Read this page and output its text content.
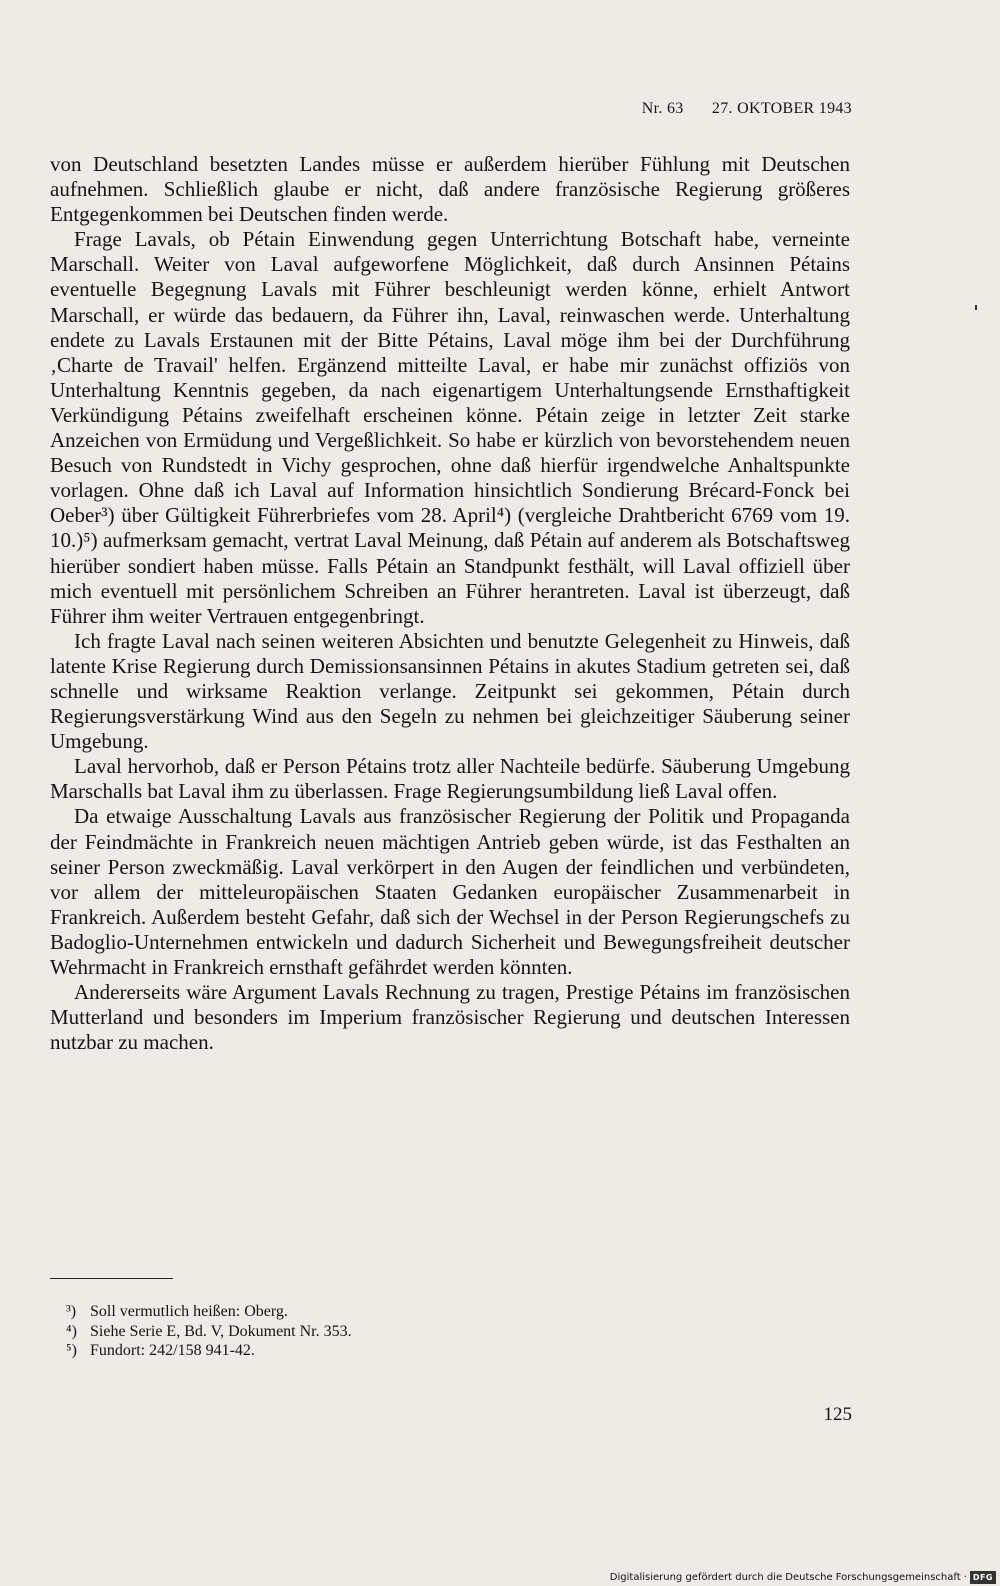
Nr. 63 27. OKTOBER 1943

von Deutschland besetzten Landes müsse er außerdem hierüber Fühlung mit Deutschen aufnehmen. Schließlich glaube er nicht, daß andere französische Regierung größeres Entgegenkommen bei Deutschen finden werde.

Frage Lavals, ob Pétain Einwendung gegen Unterrichtung Botschaft habe, verneinte Marschall. Weiter von Laval aufgeworfene Möglichkeit, daß durch Ansinnen Pétains eventuelle Begegnung Lavals mit Führer beschleunigt werden könne, erhielt Antwort Marschall, er würde das bedauern, da Führer ihn, Laval, reinwaschen werde. Unterhaltung endete zu Lavals Erstaunen mit der Bitte Pétains, Laval möge ihm bei der Durchführung ‚Charte de Travail' helfen. Ergänzend mitteilte Laval, er habe mir zunächst offiziös von Unterhaltung Kenntnis gegeben, da nach eigenartigem Unterhaltungsende Ernsthaftigkeit Verkündigung Pétains zweifelhaft erscheinen könne. Pétain zeige in letzter Zeit starke Anzeichen von Ermüdung und Vergeßlichkeit. So habe er kürzlich von bevorstehendem neuen Besuch von Rundstedt in Vichy gesprochen, ohne daß hierfür irgendwelche Anhaltspunkte vorlagen. Ohne daß ich Laval auf Information hinsichtlich Sondierung Brécard-Fonck bei Oeber³) über Gültigkeit Führerbriefes vom 28. April⁴) (vergleiche Drahtbericht 6769 vom 19. 10.)⁵) aufmerksam gemacht, vertrat Laval Meinung, daß Pétain auf anderem als Botschaftsweg hierüber sondiert haben müsse. Falls Pétain an Standpunkt festhält, will Laval offiziell über mich eventuell mit persönlichem Schreiben an Führer herantreten. Laval ist überzeugt, daß Führer ihm weiter Vertrauen entgegenbringt.

Ich fragte Laval nach seinen weiteren Absichten und benutzte Gelegenheit zu Hinweis, daß latente Krise Regierung durch Demissionsansinnen Pétains in akutes Stadium getreten sei, daß schnelle und wirksame Reaktion verlange. Zeitpunkt sei gekommen, Pétain durch Regierungsverstärkung Wind aus den Segeln zu nehmen bei gleichzeitiger Säuberung seiner Umgebung.

Laval hervorhob, daß er Person Pétains trotz aller Nachteile bedürfe. Säuberung Umgebung Marschalls bat Laval ihm zu überlassen. Frage Regierungsumbildung ließ Laval offen.

Da etwaige Ausschaltung Lavals aus französischer Regierung der Politik und Propaganda der Feindmächte in Frankreich neuen mächtigen Antrieb geben würde, ist das Festhalten an seiner Person zweckmäßig. Laval verkörpert in den Augen der feindlichen und verbündeten, vor allem der mitteleuropäischen Staaten Gedanken europäischer Zusammenarbeit in Frankreich. Außerdem besteht Gefahr, daß sich der Wechsel in der Person Regierungschefs zu Badoglio-Unternehmen entwickeln und dadurch Sicherheit und Bewegungsfreiheit deutscher Wehrmacht in Frankreich ernsthaft gefährdet werden könnten.

Andererseits wäre Argument Lavals Rechnung zu tragen, Prestige Pétains im französischen Mutterland und besonders im Imperium französischer Regierung und deutschen Interessen nutzbar zu machen.

³) Soll vermutlich heißen: Oberg.

⁴) Siehe Serie E, Bd. V, Dokument Nr. 353.

⁵) Fundort: 242/158 941-42.

125
Digitalisierung gefördert durch die Deutsche Forschungsgemeinschaft · DFG
